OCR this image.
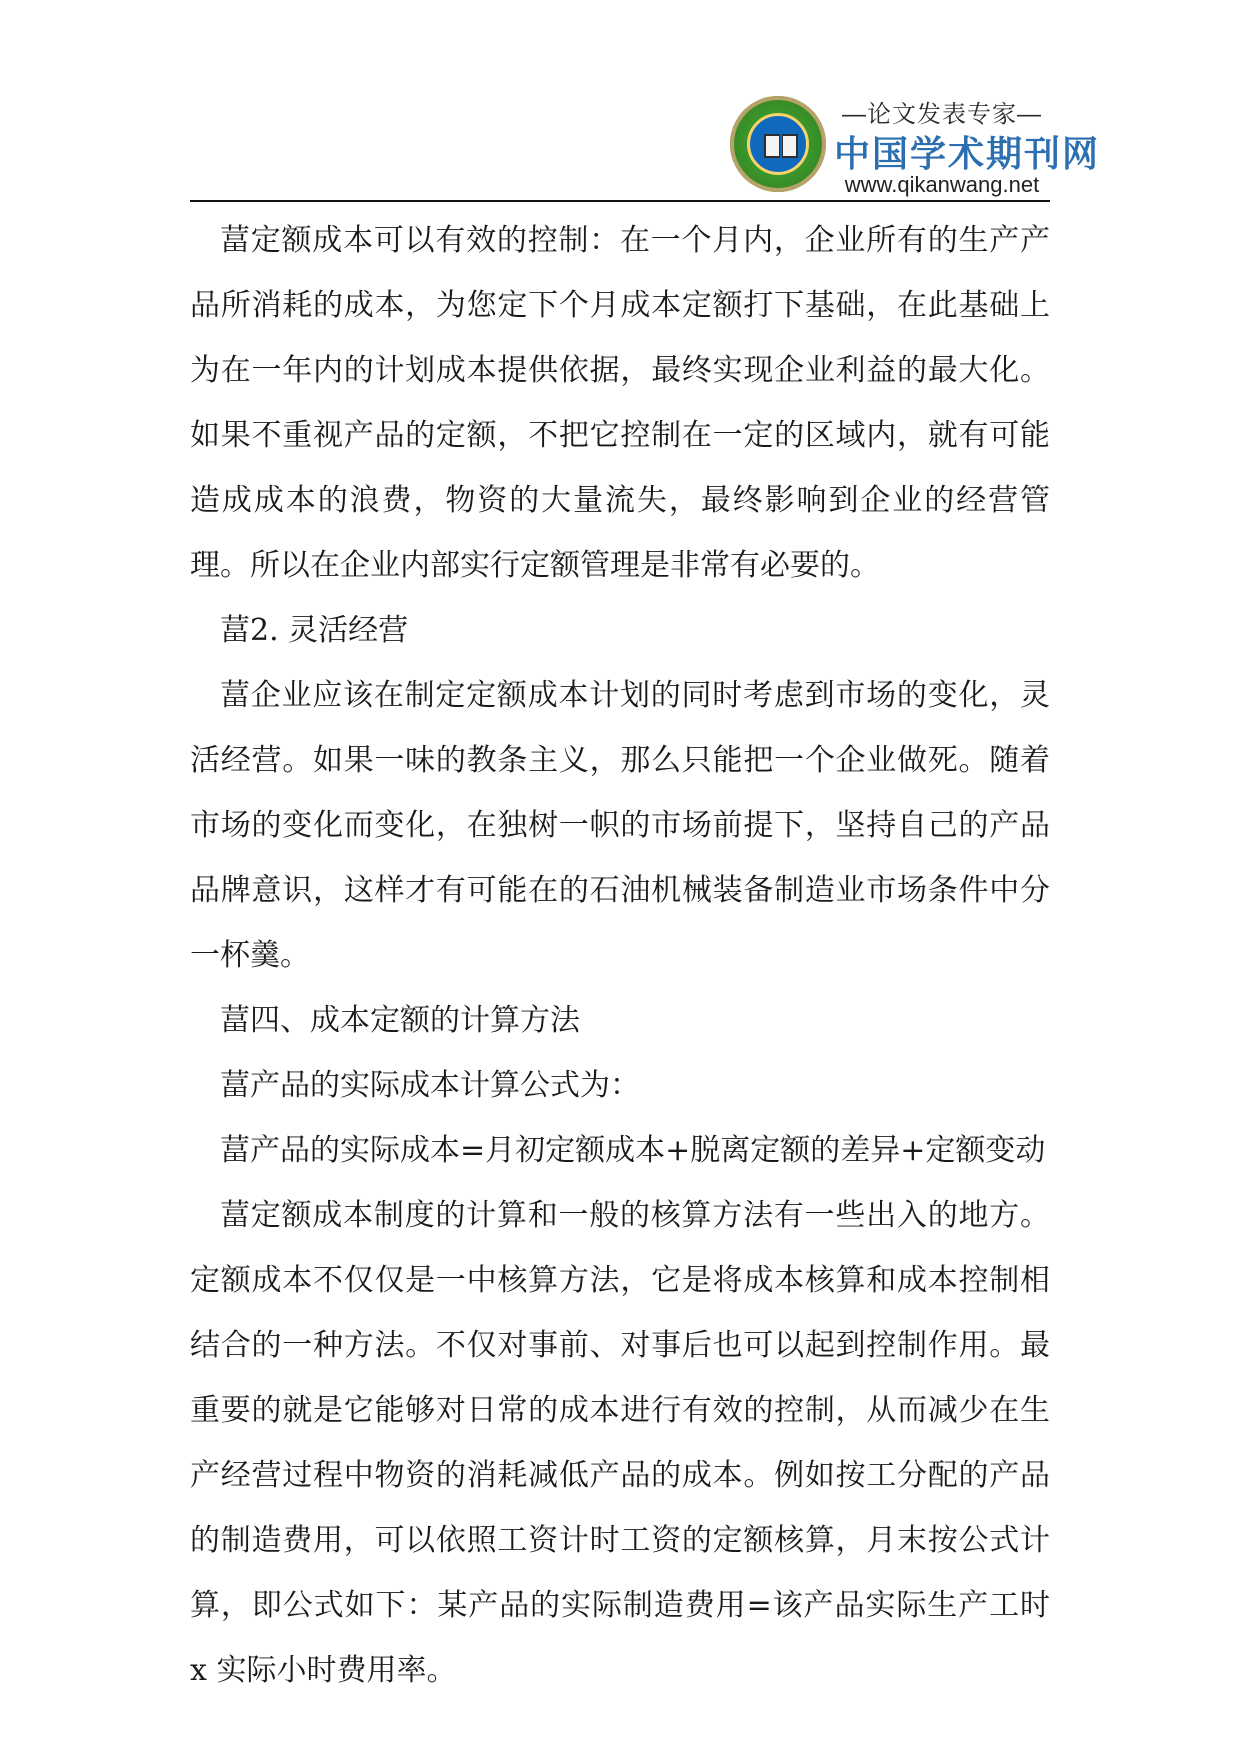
—论文发表专家—
中国学术期刊网
www.qikanwang.net

葍定额成本可以有效的控制：在一个月内，企业所有的生产产品所消耗的成本，为您定下个月成本定额打下基础，在此基础上为在一年内的计划成本提供依据，最终实现企业利益的最大化。如果不重视产品的定额，不把它控制在一定的区域内，就有可能造成成本的浪费，物资的大量流失，最终影响到企业的经营管理。所以在企业内部实行定额管理是非常有必要的。

葍2. 灵活经营

葍企业应该在制定定额成本计划的同时考虑到市场的变化，灵活经营。如果一味的教条主义，那么只能把一个企业做死。随着市场的变化而变化，在独树一帜的市场前提下，坚持自己的产品品牌意识，这样才有可能在的石油机械装备制造业市场条件中分一杯羹。

葍四、成本定额的计算方法

葍产品的实际成本计算公式为：

葍产品的实际成本=月初定额成本+脱离定额的差异+定额变动

葍定额成本制度的计算和一般的核算方法有一些出入的地方。定额成本不仅仅是一中核算方法，它是将成本核算和成本控制相结合的一种方法。不仅对事前、对事后也可以起到控制作用。最重要的就是它能够对日常的成本进行有效的控制，从而减少在生产经营过程中物资的消耗减低产品的成本。例如按工分配的产品的制造费用，可以依照工资计时工资的定额核算，月末按公式计算，即公式如下：某产品的实际制造费用=该产品实际生产工时 x 实际小时费用率。
